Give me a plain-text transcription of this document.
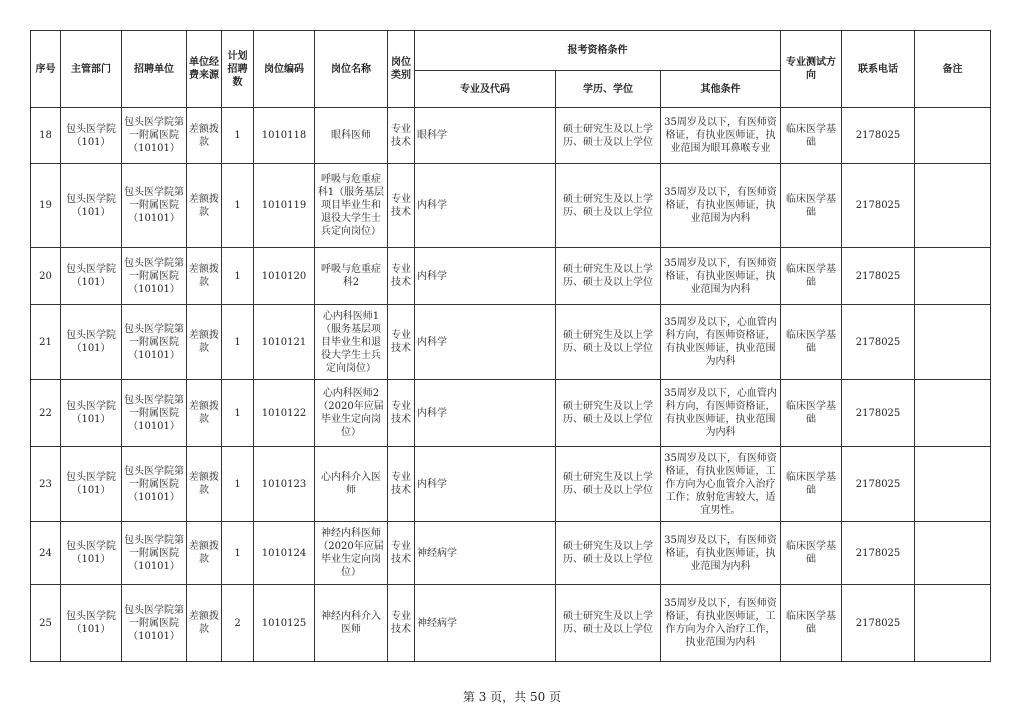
序号	主管部门	招聘单位	单位经费来源	计划招聘数	岗位编码	岗位名称	岗位类别	报考资格条件			专业测试方向	联系电话	备注
								专业及代码	学历、学位	其他条件			
18	包头医学院（101）	包头医学院第一附属医院（10101）	差额拨款	1	1010118	眼科医师	专业技术	眼科学	硕士研究生及以上学历、硕士及以上学位	35周岁及以下，有医师资格证，有执业医师证，执业范围为眼耳鼻喉专业	临床医学基础	2178025	
19	包头医学院（101）	包头医学院第一附属医院（10101）	差额拨款	1	1010119	呼吸与危重症科1（服务基层项目毕业生和退役大学生士兵定向岗位）	专业技术	内科学	硕士研究生及以上学历、硕士及以上学位	35周岁及以下，有医师资格证，有执业医师证，执业范围为内科	临床医学基础	2178025	
20	包头医学院（101）	包头医学院第一附属医院（10101）	差额拨款	1	1010120	呼吸与危重症科2	专业技术	内科学	硕士研究生及以上学历、硕士及以上学位	35周岁及以下，有医师资格证，有执业医师证，执业范围为内科	临床医学基础	2178025	
21	包头医学院（101）	包头医学院第一附属医院（10101）	差额拨款	1	1010121	心内科医师1（服务基层项目毕业生和退役大学生士兵定向岗位）	专业技术	内科学	硕士研究生及以上学历、硕士及以上学位	35周岁及以下，心血管内科方向，有医师资格证，有执业医师证，执业范围为内科	临床医学基础	2178025	
22	包头医学院（101）	包头医学院第一附属医院（10101）	差额拨款	1	1010122	心内科医师2（2020年应届毕业生定向岗位）	专业技术	内科学	硕士研究生及以上学历、硕士及以上学位	35周岁及以下，心血管内科方向，有医师资格证，有执业医师证，执业范围为内科	临床医学基础	2178025	
23	包头医学院（101）	包头医学院第一附属医院（10101）	差额拨款	1	1010123	心内科介入医师	专业技术	内科学	硕士研究生及以上学历、硕士及以上学位	35周岁及以下，有医师资格证，有执业医师证，工作方向为心血管介入治疗工作；放射危害较大，适宜男性。	临床医学基础	2178025	
24	包头医学院（101）	包头医学院第一附属医院（10101）	差额拨款	1	1010124	神经内科医师（2020年应届毕业生定向岗位）	专业技术	神经病学	硕士研究生及以上学历、硕士及以上学位	35周岁及以下，有医师资格证，有执业医师证，执业范围为内科	临床医学基础	2178025	
25	包头医学院（101）	包头医学院第一附属医院（10101）	差额拨款	2	1010125	神经内科介入医师	专业技术	神经病学	硕士研究生及以上学历、硕士及以上学位	35周岁及以下，有医师资格证，有执业医师证，工作方向为介入治疗工作，执业范围为内科	临床医学基础	2178025	
第 3 页，共 50 页
